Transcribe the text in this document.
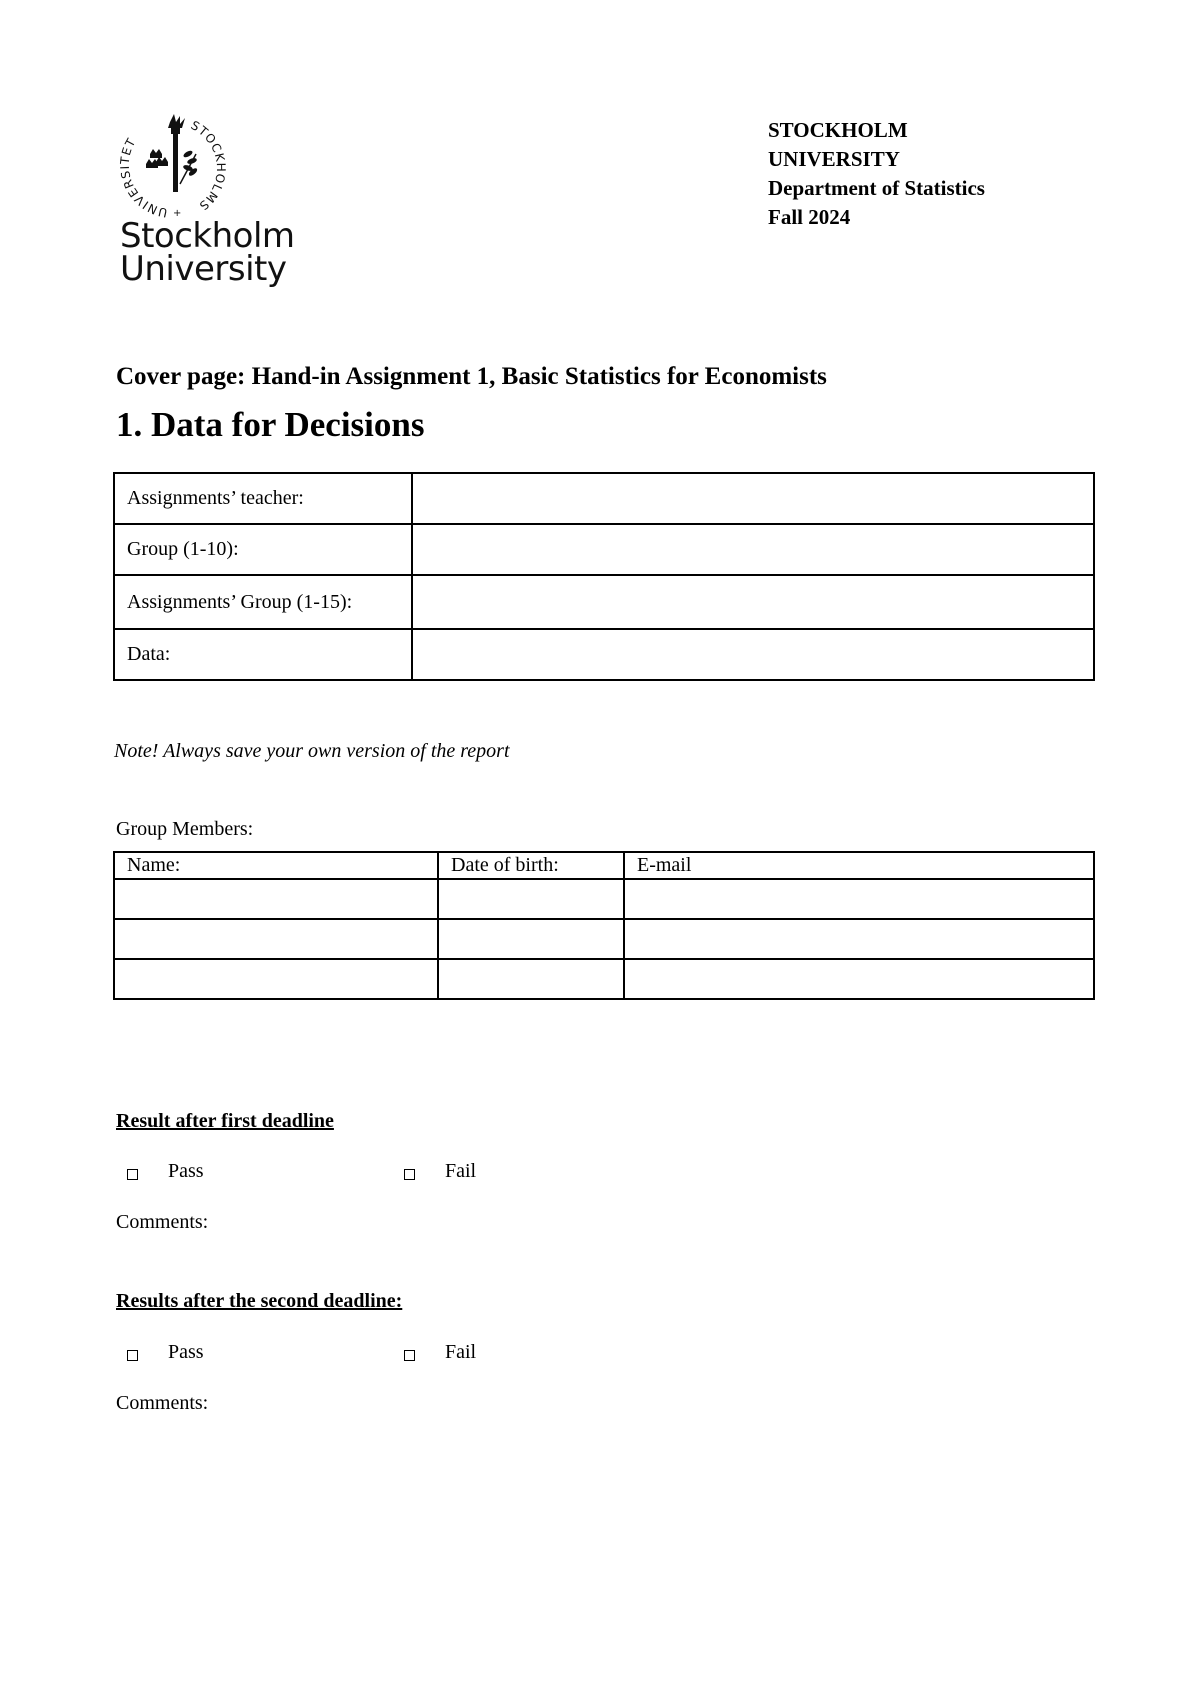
UNIVERSITET
STOCKHOLMS
+
Stockholm
University
STOCKHOLM
UNIVERSITY
Department of Statistics
Fall 2024
Cover page: Hand-in Assignment 1, Basic Statistics for Economists
1. Data for Decisions
Assignments’ teacher:	
Group (1-10):	
Assignments’ Group (1-15):	
Data:	
Note! Always save your own version of the report
Group Members:
Name:	Date of birth:	E-mail

Result after first deadline
Pass	Fail
Comments:
Results after the second deadline:
Pass	Fail
Comments:
